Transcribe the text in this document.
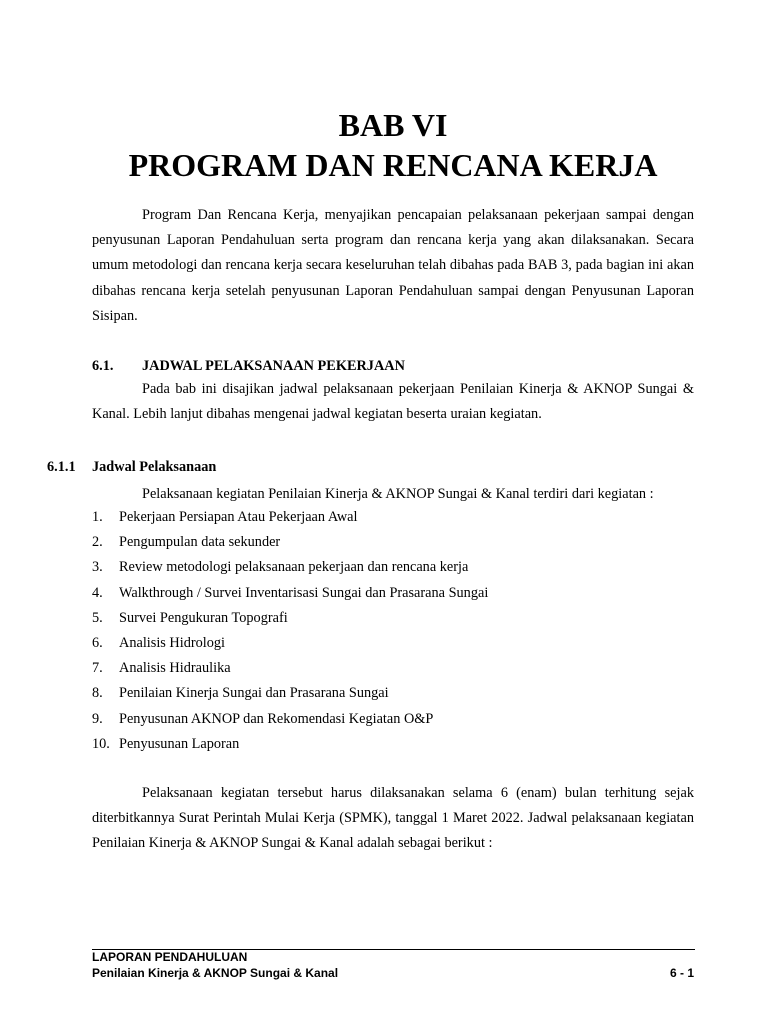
BAB VI
PROGRAM DAN RENCANA KERJA

Program Dan Rencana Kerja, menyajikan pencapaian pelaksanaan pekerjaan sampai dengan penyusunan Laporan Pendahuluan serta program dan rencana kerja yang akan dilaksanakan. Secara umum metodologi dan rencana kerja secara keseluruhan telah dibahas pada BAB 3, pada bagian ini akan dibahas rencana kerja setelah penyusunan Laporan Pendahuluan sampai dengan Penyusunan Laporan Sisipan.

6.1. JADWAL PELAKSANAAN PEKERJAAN

Pada bab ini disajikan jadwal pelaksanaan pekerjaan Penilaian Kinerja & AKNOP Sungai & Kanal. Lebih lanjut dibahas mengenai jadwal kegiatan beserta uraian kegiatan.

6.1.1 Jadwal Pelaksanaan

Pelaksanaan kegiatan Penilaian Kinerja & AKNOP Sungai & Kanal terdiri dari kegiatan :

1.	Pekerjaan Persiapan Atau Pekerjaan Awal
2.	Pengumpulan data sekunder
3.	Review metodologi pelaksanaan pekerjaan dan rencana kerja
4.	Walkthrough / Survei Inventarisasi Sungai dan Prasarana Sungai
5.	Survei Pengukuran Topografi
6.	Analisis Hidrologi
7.	Analisis Hidraulika
8.	Penilaian Kinerja Sungai dan Prasarana Sungai
9.	Penyusunan AKNOP dan Rekomendasi Kegiatan O&P
10. Penyusunan Laporan

Pelaksanaan kegiatan tersebut harus dilaksanakan selama 6 (enam) bulan terhitung sejak diterbitkannya Surat Perintah Mulai Kerja (SPMK), tanggal 1 Maret 2022. Jadwal pelaksanaan kegiatan Penilaian Kinerja & AKNOP Sungai & Kanal adalah sebagai berikut :

LAPORAN PENDAHULUAN
Penilaian Kinerja & AKNOP Sungai & Kanal	6 - 1
